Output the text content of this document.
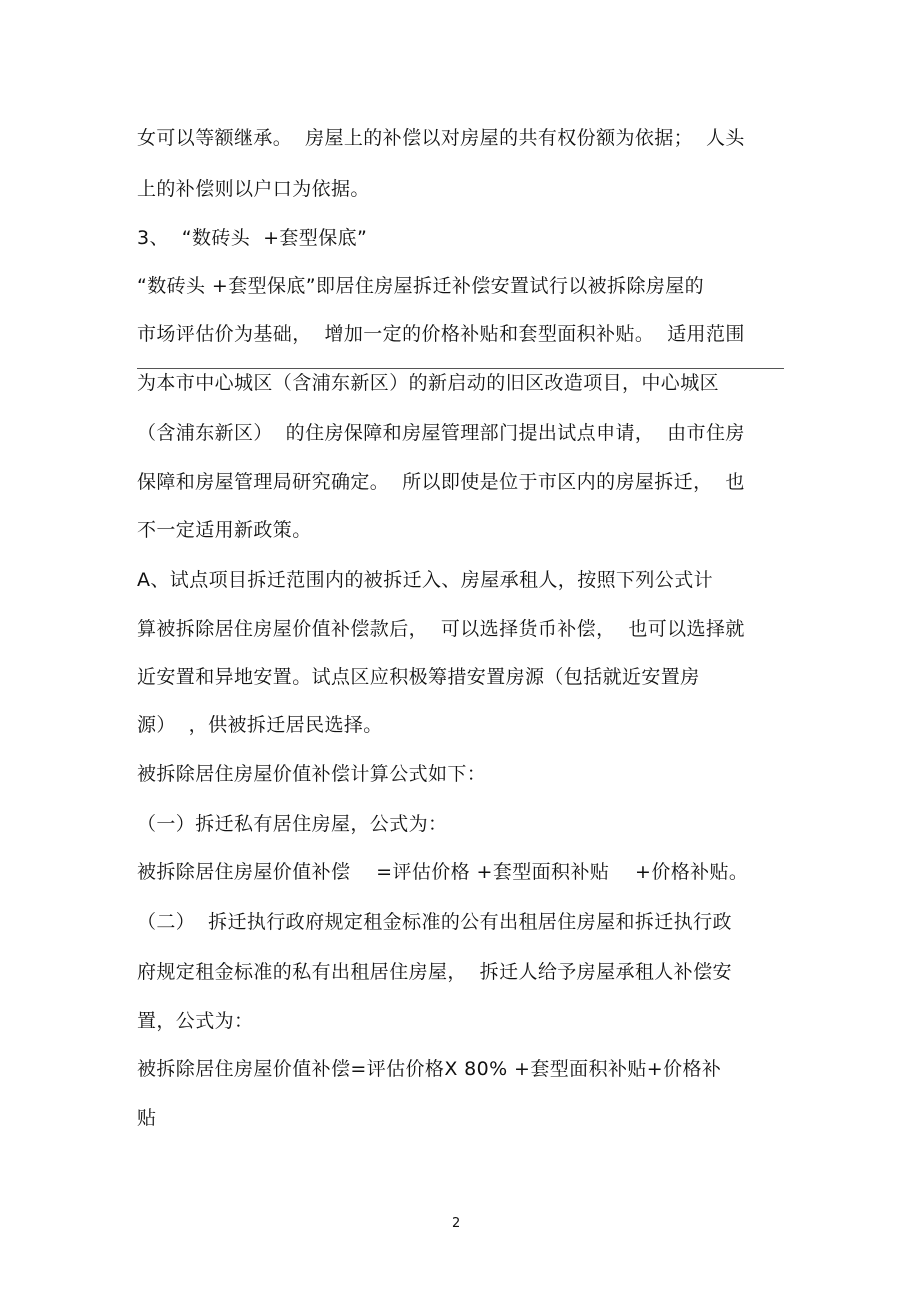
女可以等额继承。  房屋上的补偿以对房屋的共有权份额为依据；  人头
上的补偿则以户口为依据。
3、  “数砖头  +套型保底”
“数砖头 +套型保底”即居住房屋拆迁补偿安置试行以被拆除房屋的
市场评估价为基础，  增加一定的价格补贴和套型面积补贴。  适用范围
为本市中心城区（含浦东新区）的新启动的旧区改造项目，中心城区
（含浦东新区）  的住房保障和房屋管理部门提出试点申请，  由市住房
保障和房屋管理局研究确定。  所以即使是位于市区内的房屋拆迁，  也
不一定适用新政策。
A、试点项目拆迁范围内的被拆迁入、房屋承租人，按照下列公式计
算被拆除居住房屋价值补偿款后，  可以选择货币补偿，  也可以选择就
近安置和异地安置。试点区应积极筹措安置房源（包括就近安置房
源）  ，供被拆迁居民选择。
被拆除居住房屋价值补偿计算公式如下：
（一）拆迁私有居住房屋，公式为：
被拆除居住房屋价值补偿    =评估价格 +套型面积补贴    +价格补贴。
（二）  拆迁执行政府规定租金标准的公有出租居住房屋和拆迁执行政
府规定租金标准的私有出租居住房屋，  拆迁人给予房屋承租人补偿安
置，公式为：
被拆除居住房屋价值补偿=评估价格X 80% +套型面积补贴+价格补
贴
2
